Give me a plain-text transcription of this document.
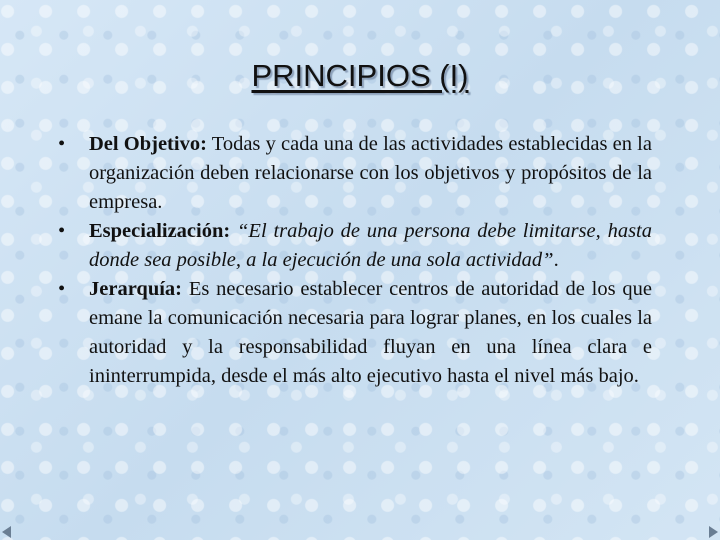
PRINCIPIOS (I)
• Del Objetivo: Todas y cada una de las actividades establecidas en la organización deben relacionarse con los objetivos y propósitos de la empresa.
• Especialización: “El trabajo de una persona debe limitarse, hasta donde sea posible, a la ejecución de una sola actividad”.
• Jerarquía: Es necesario establecer centros de autoridad de los que emane la comunicación necesaria para lograr planes, en los cuales la autoridad y la responsabilidad fluyan en una línea clara e ininterrumpida, desde el más alto ejecutivo hasta el nivel más bajo.
